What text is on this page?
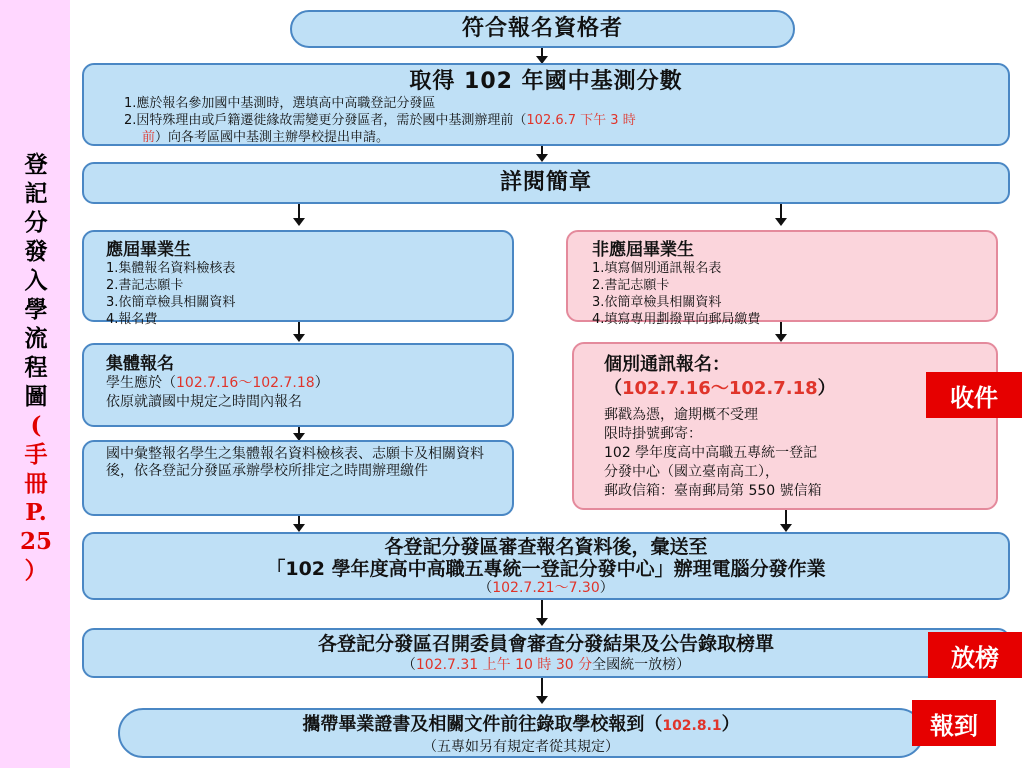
登
記
分
發
入
學
流
程
圖
(
手
冊
P.
25
）
符合報名資格者
取得 102 年國中基測分數
1.應於報名參加國中基測時，選填高中高職登記分發區
2.因特殊理由或戶籍遷徙緣故需變更分發區者，需於國中基測辦理前（102.6.7 下午 3 時
前）向各考區國中基測主辦學校提出申請。
詳閱簡章
應屆畢業生
1.集體報名資料檢核表
2.書記志願卡
3.依簡章檢具相關資料
4.報名費
非應屆畢業生
1.填寫個別通訊報名表
2.書記志願卡
3.依簡章檢具相關資料
4.填寫專用劃撥單向郵局繳費
集體報名
學生應於（102.7.16～102.7.18）
依原就讀國中規定之時間內報名
國中彙整報名學生之集體報名資料檢核表、志願卡及相關資料後，依各登記分發區承辦學校所排定之時間辦理繳件
個別通訊報名：
（102.7.16～102.7.18）
郵戳為憑，逾期概不受理
限時掛號郵寄：
102 學年度高中高職五專統一登記
分發中心（國立臺南高工），
郵政信箱：臺南郵局第 550 號信箱
收件
各登記分發區審查報名資料後，彙送至
「102 學年度高中高職五專統一登記分發中心」辦理電腦分發作業
（102.7.21～7.30）
各登記分發區召開委員會審查分發結果及公告錄取榜單
（102.7.31 上午 10 時 30 分全國統一放榜）	放榜
攜帶畢業證書及相關文件前往錄取學校報到（102.8.1）
（五專如另有規定者從其規定）
報到
